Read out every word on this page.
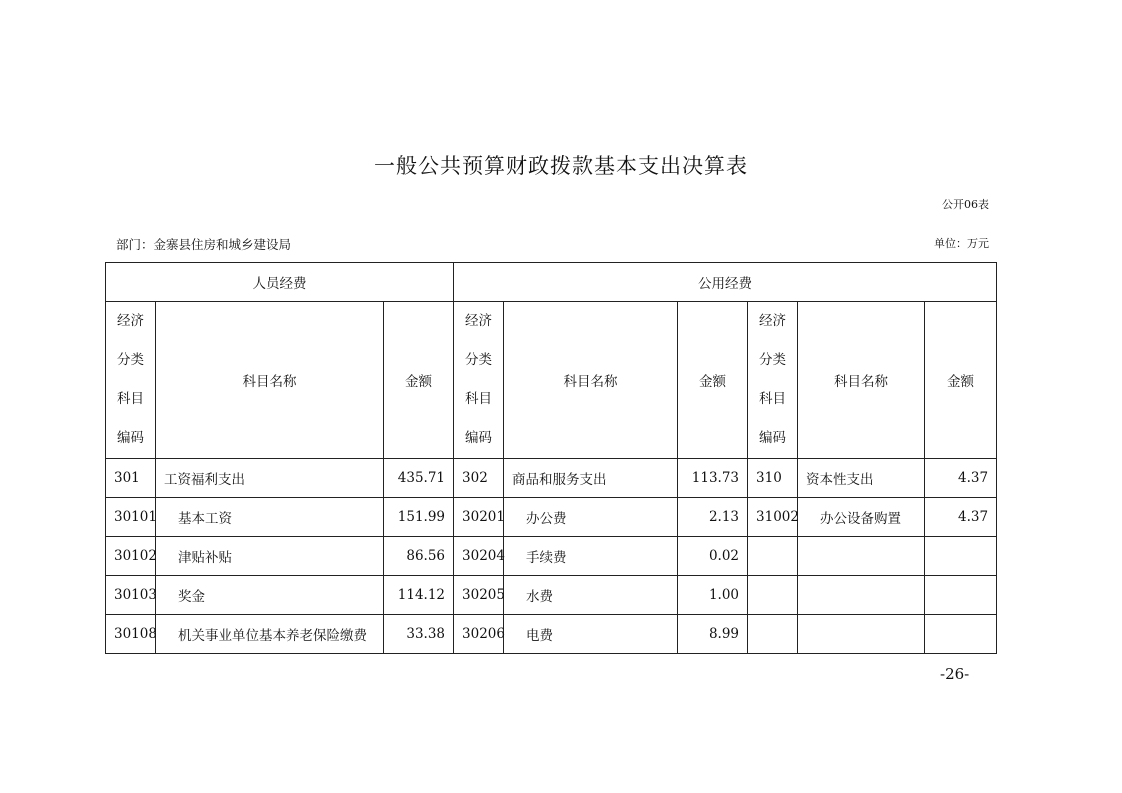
一般公共预算财政拨款基本支出决算表
公开06表
部门：金寨县住房和城乡建设局	单位：万元
人员经费			公用经费					
经济
分类
科目
编码	科目名称	金额	经济
分类
科目
编码	科目名称	金额	经济
分类
科目
编码	科目名称	金额
301	工资福利支出	435.71	302	商品和服务支出	113.73	310	资本性支出	4.37
30101	基本工资	151.99	30201	办公费	2.13	31002	办公设备购置	4.37
30102	津贴补贴	86.56	30204	手续费	0.02			
30103	奖金	114.12	30205	水费	1.00			
30108	机关事业单位基本养老保险缴费	33.38	30206	电费	8.99			
-26-
